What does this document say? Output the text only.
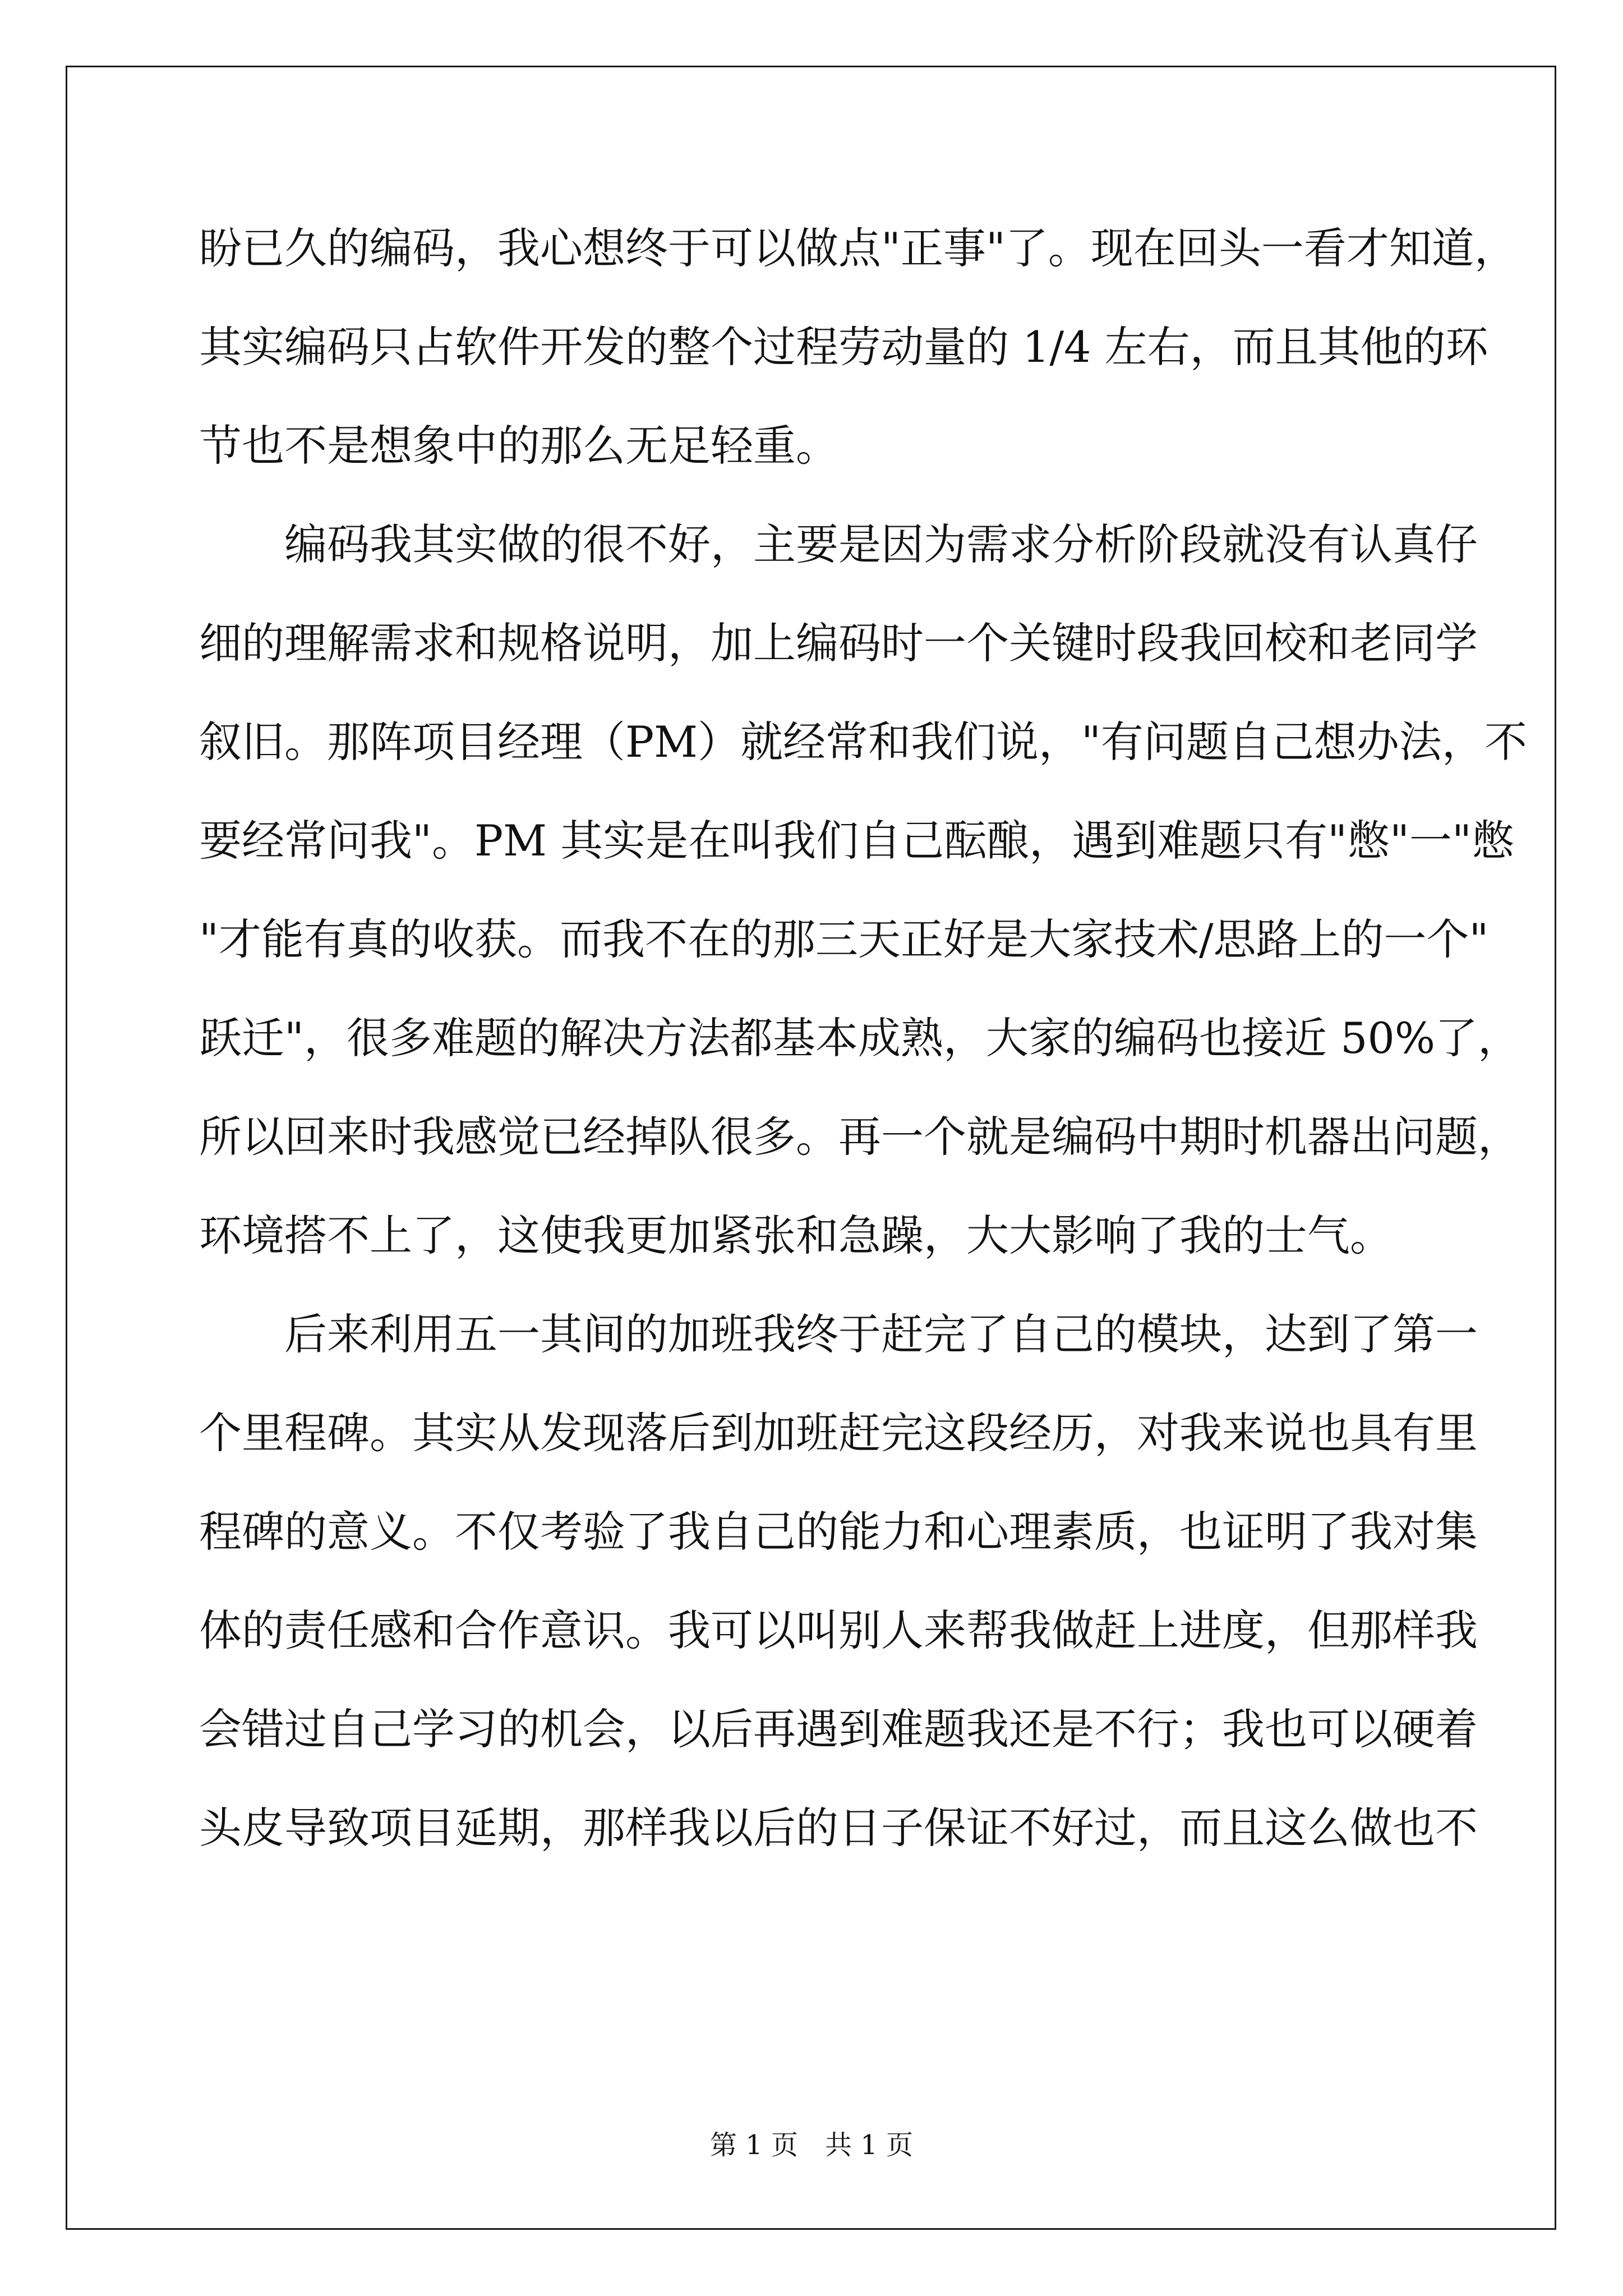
盼已久的编码，我心想终于可以做点"正事"了。现在回头一看才知道，
其实编码只占软件开发的整个过程劳动量的 1/4 左右，而且其他的环
节也不是想象中的那么无足轻重。
　　编码我其实做的很不好，主要是因为需求分析阶段就没有认真仔
细的理解需求和规格说明，加上编码时一个关键时段我回校和老同学
叙旧。那阵项目经理（PM）就经常和我们说，"有问题自己想办法，不
要经常问我"。PM 其实是在叫我们自己酝酿，遇到难题只有"憋"一"憋
"才能有真的收获。而我不在的那三天正好是大家技术/思路上的一个"
跃迁"，很多难题的解决方法都基本成熟，大家的编码也接近 50%了，
所以回来时我感觉已经掉队很多。再一个就是编码中期时机器出问题，
环境搭不上了，这使我更加紧张和急躁，大大影响了我的士气。
　　后来利用五一其间的加班我终于赶完了自己的模块，达到了第一
个里程碑。其实从发现落后到加班赶完这段经历，对我来说也具有里
程碑的意义。不仅考验了我自己的能力和心理素质，也证明了我对集
体的责任感和合作意识。我可以叫别人来帮我做赶上进度，但那样我
会错过自己学习的机会，以后再遇到难题我还是不行；我也可以硬着
头皮导致项目延期，那样我以后的日子保证不好过，而且这么做也不
第 1 页　共 1 页
